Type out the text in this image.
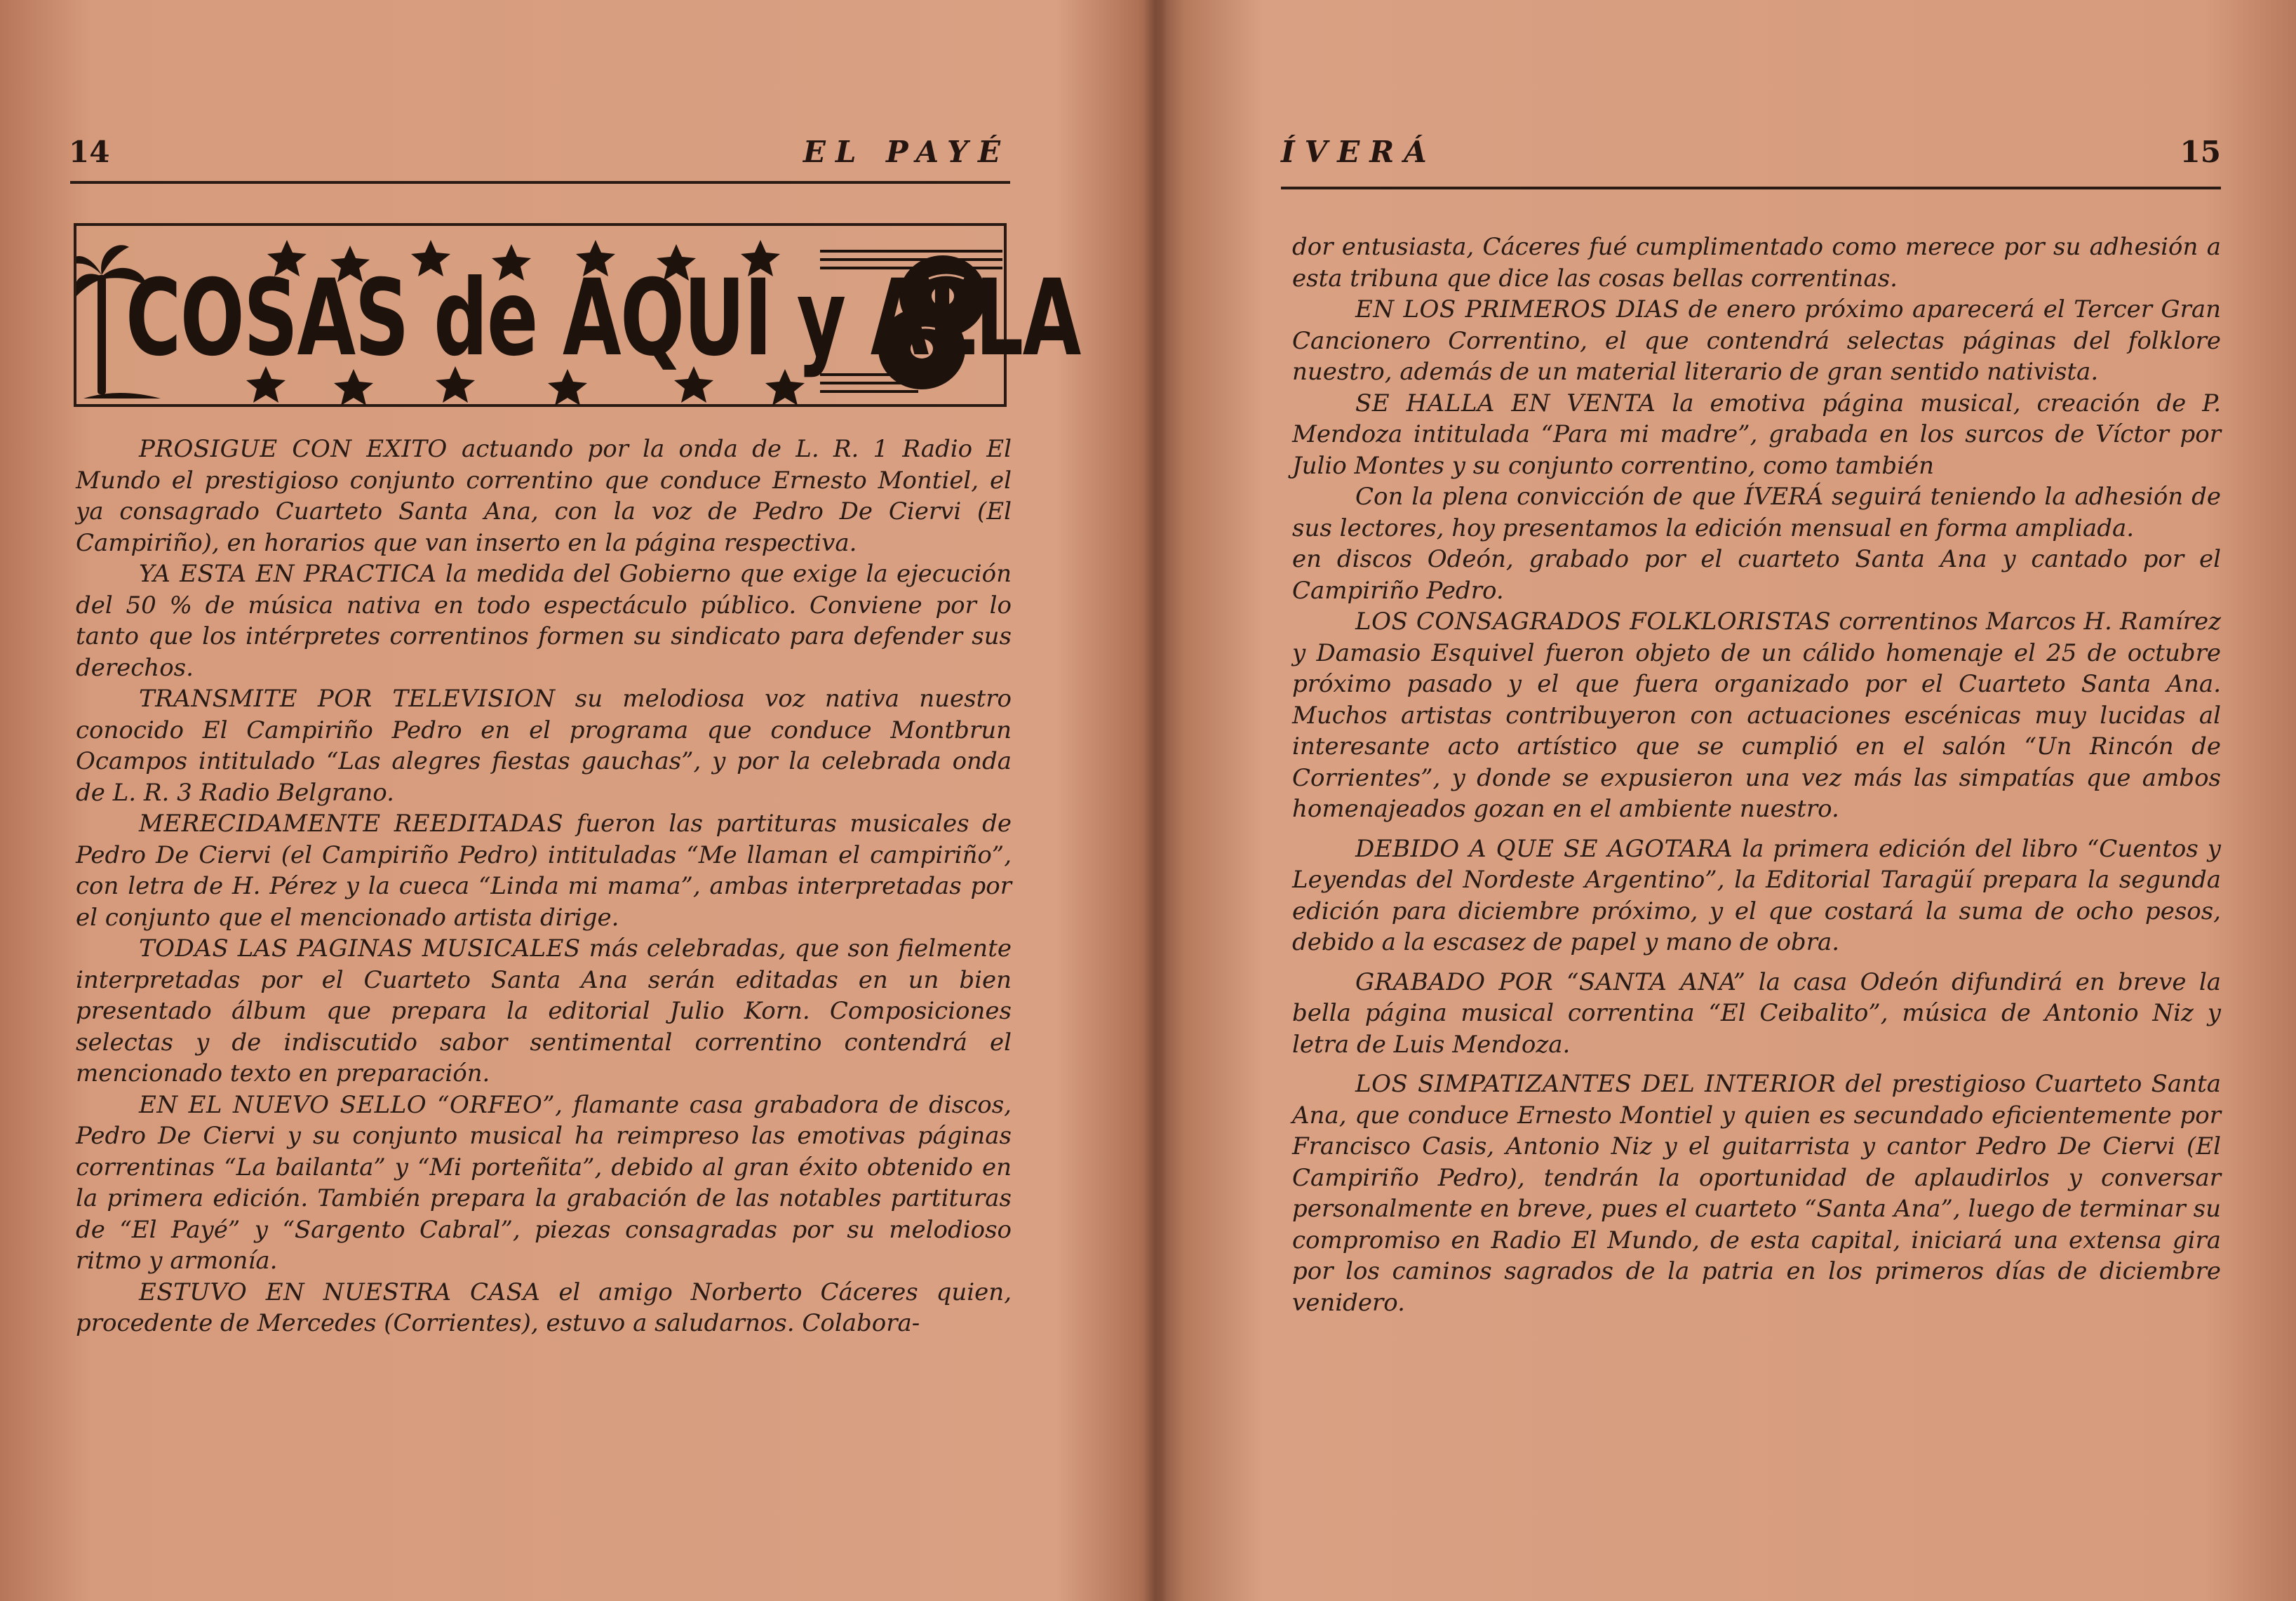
14	EL PAYÉ
COSAS de AQUI y ALLA

PROSIGUE CON EXITO actuando por la onda de L. R. 1 Radio El Mundo el prestigioso conjunto correntino que conduce Ernesto Montiel, el ya consagrado Cuarteto Santa Ana, con la voz de Pedro De Ciervi (El Campiriño), en horarios que van inserto en la página respectiva.

YA ESTA EN PRACTICA la medida del Gobierno que exige la ejecución del 50 % de música nativa en todo espectáculo público. Conviene por lo tanto que los intérpretes correntinos formen su sindicato para defender sus derechos.

TRANSMITE POR TELEVISION su melodiosa voz nativa nuestro conocido El Campiriño Pedro en el programa que conduce Montbrun Ocampos intitulado “Las alegres fiestas gauchas”, y por la celebrada onda de L. R. 3 Radio Belgrano.

MERECIDAMENTE REEDITADAS fueron las partituras musicales de Pedro De Ciervi (el Campiriño Pedro) intituladas “Me llaman el campiriño”, con letra de H. Pérez y la cueca “Linda mi mama”, ambas interpretadas por el conjunto que el mencionado artista dirige.

TODAS LAS PAGINAS MUSICALES más celebradas, que son fielmente interpretadas por el Cuarteto Santa Ana serán editadas en un bien presentado álbum que prepara la editorial Julio Korn. Composiciones selectas y de indiscutido sabor sentimental correntino contendrá el mencionado texto en preparación.

EN EL NUEVO SELLO “ORFEO”, flamante casa grabadora de discos, Pedro De Ciervi y su conjunto musical ha reimpreso las emotivas páginas correntinas “La bailanta” y “Mi porteñita”, debido al gran éxito obtenido en la primera edición. También prepara la grabación de las notables partituras de “El Payé” y “Sargento Cabral”, piezas consagradas por su melodioso ritmo y armonía.

ESTUVO EN NUESTRA CASA el amigo Norberto Cáceres quien, procedente de Mercedes (Corrientes), estuvo a saludarnos. Colabora-

ÍVERÁ	15

dor entusiasta, Cáceres fué cumplimentado como merece por su adhesión a esta tribuna que dice las cosas bellas correntinas.

EN LOS PRIMEROS DIAS de enero próximo aparecerá el Tercer Gran Cancionero Correntino, el que contendrá selectas páginas del folklore nuestro, además de un material literario de gran sentido nativista.

SE HALLA EN VENTA la emotiva página musical, creación de P. Mendoza intitulada “Para mi madre”, grabada en los surcos de Víctor por Julio Montes y su conjunto correntino, como también

Con la plena convicción de que ÍVERÁ seguirá teniendo la adhesión de sus lectores, hoy presentamos la edición mensual en forma ampliada.

en discos Odeón, grabado por el cuarteto Santa Ana y cantado por el Campiriño Pedro.

LOS CONSAGRADOS FOLKLORISTAS correntinos Marcos H. Ramírez y Damasio Esquivel fueron objeto de un cálido homenaje el 25 de octubre próximo pasado y el que fuera organizado por el Cuarteto Santa Ana. Muchos artistas contribuyeron con actuaciones escénicas muy lucidas al interesante acto artístico que se cumplió en el salón “Un Rincón de Corrientes”, y donde se expusieron una vez más las simpatías que ambos homenajeados gozan en el ambiente nuestro.

DEBIDO A QUE SE AGOTARA la primera edición del libro “Cuentos y Leyendas del Nordeste Argentino”, la Editorial Taragüí prepara la segunda edición para diciembre próximo, y el que costará la suma de ocho pesos, debido a la escasez de papel y mano de obra.

GRABADO POR “SANTA ANA” la casa Odeón difundirá en breve la bella página musical correntina “El Ceibalito”, música de Antonio Niz y letra de Luis Mendoza.

LOS SIMPATIZANTES DEL INTERIOR del prestigioso Cuarteto Santa Ana, que conduce Ernesto Montiel y quien es secundado eficientemente por Francisco Casis, Antonio Niz y el guitarrista y cantor Pedro De Ciervi (El Campiriño Pedro), tendrán la oportunidad de aplaudirlos y conversar personalmente en breve, pues el cuarteto “Santa Ana”, luego de terminar su compromiso en Radio El Mundo, de esta capital, iniciará una extensa gira por los caminos sagrados de la patria en los primeros días de diciembre venidero.
